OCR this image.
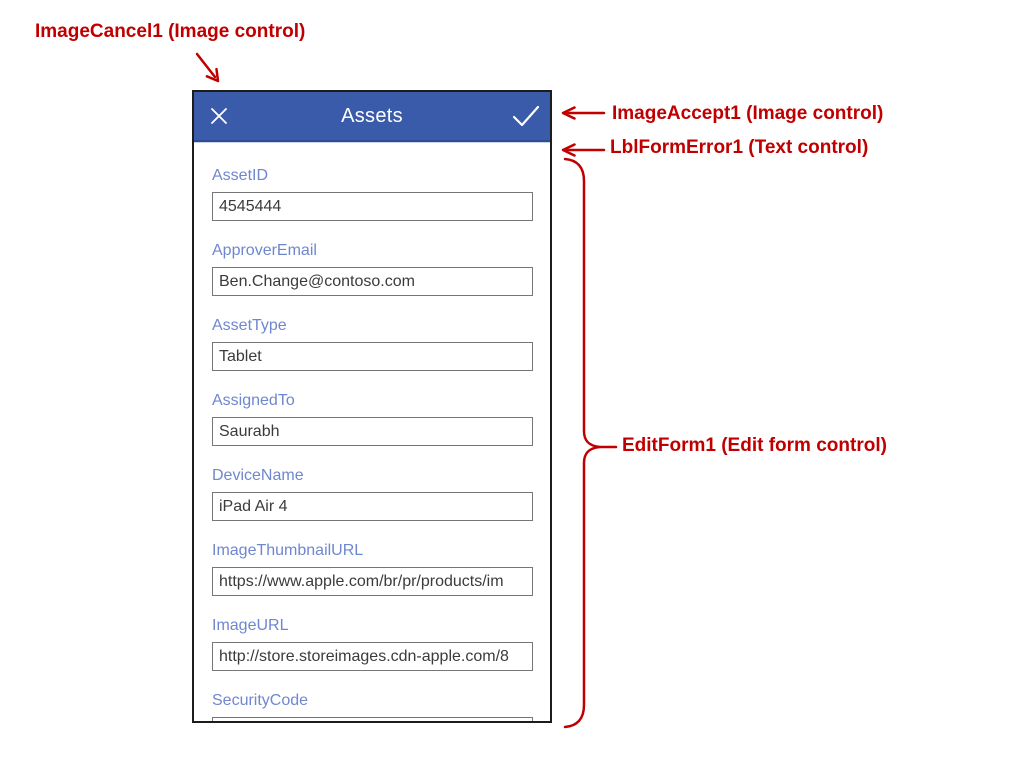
ImageCancel1 (Image control)
ImageAccept1 (Image control)
LblFormError1 (Text control)
EditForm1 (Edit form control)
Assets
AssetID
4545444
ApproverEmail
Ben.Change@contoso.com
AssetType
Tablet
AssignedTo
Saurabh
DeviceName
iPad Air 4
ImageThumbnailURL
https://www.apple.com/br/pr/products/im
ImageURL
http://store.storeimages.cdn-apple.com/8
SecurityCode
